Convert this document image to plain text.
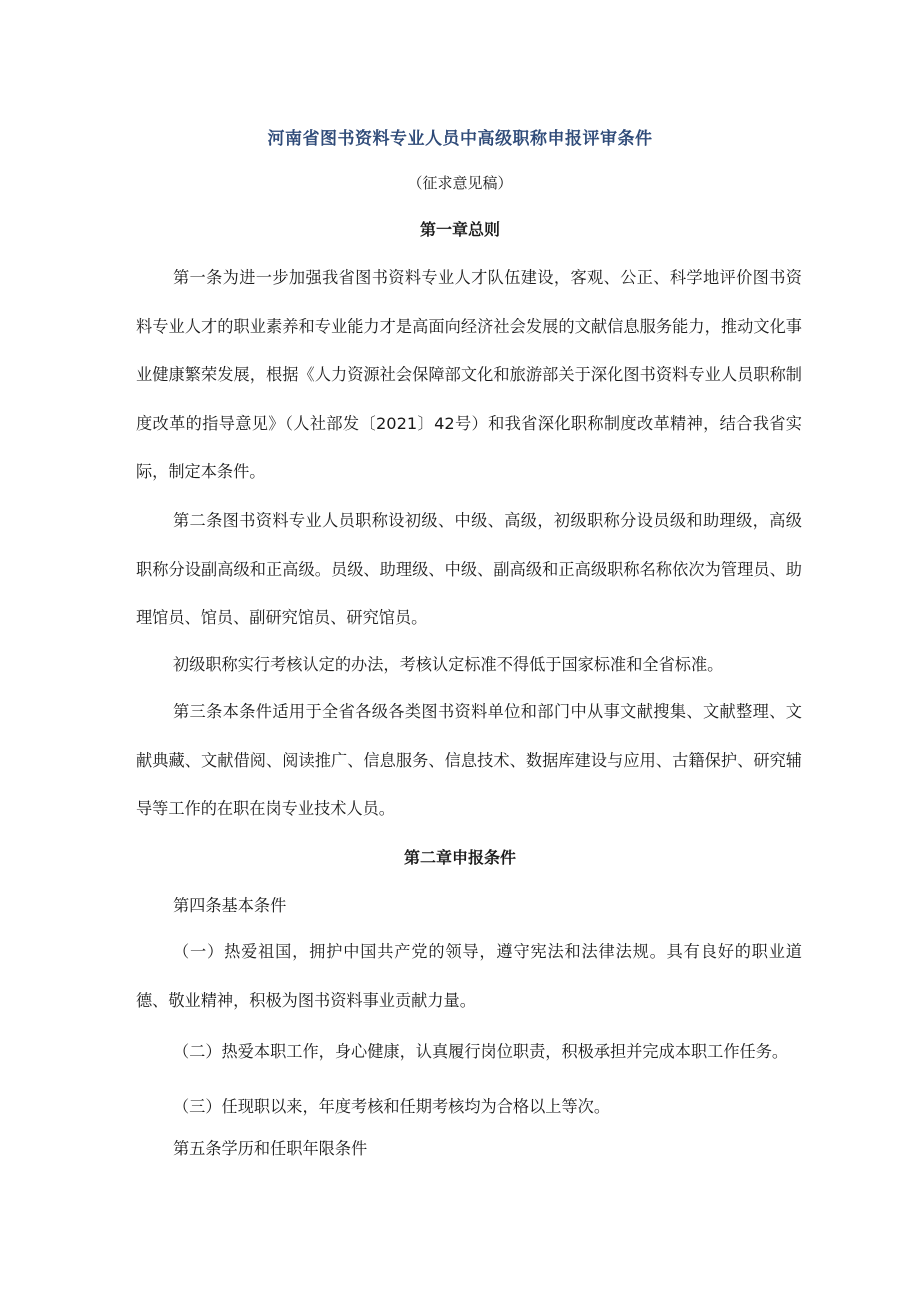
河南省图书资料专业人员中高级职称申报评审条件
（征求意见稿）
第一章总则

第一条为进一步加强我省图书资料专业人才队伍建设，客观、公正、科学地评价图书资料专业人才的职业素养和专业能力才是高面向经济社会发展的文献信息服务能力，推动文化事业健康繁荣发展，根据《人力资源社会保障部文化和旅游部关于深化图书资料专业人员职称制度改革的指导意见》（人社部发〔2021〕42号）和我省深化职称制度改革精神，结合我省实际，制定本条件。

第二条图书资料专业人员职称设初级、中级、高级，初级职称分设员级和助理级，高级职称分设副高级和正高级。员级、助理级、中级、副高级和正高级职称名称依次为管理员、助理馆员、馆员、副研究馆员、研究馆员。

初级职称实行考核认定的办法，考核认定标准不得低于国家标准和全省标准。

第三条本条件适用于全省各级各类图书资料单位和部门中从事文献搜集、文献整理、文献典藏、文献借阅、阅读推广、信息服务、信息技术、数据库建设与应用、古籍保护、研究辅导等工作的在职在岗专业技术人员。

第二章申报条件

第四条基本条件

（一）热爱祖国，拥护中国共产党的领导，遵守宪法和法律法规。具有良好的职业道德、敬业精神，积极为图书资料事业贡献力量。

（二）热爱本职工作，身心健康，认真履行岗位职责，积极承担并完成本职工作任务。

（三）任现职以来，年度考核和任期考核均为合格以上等次。

第五条学历和任职年限条件
